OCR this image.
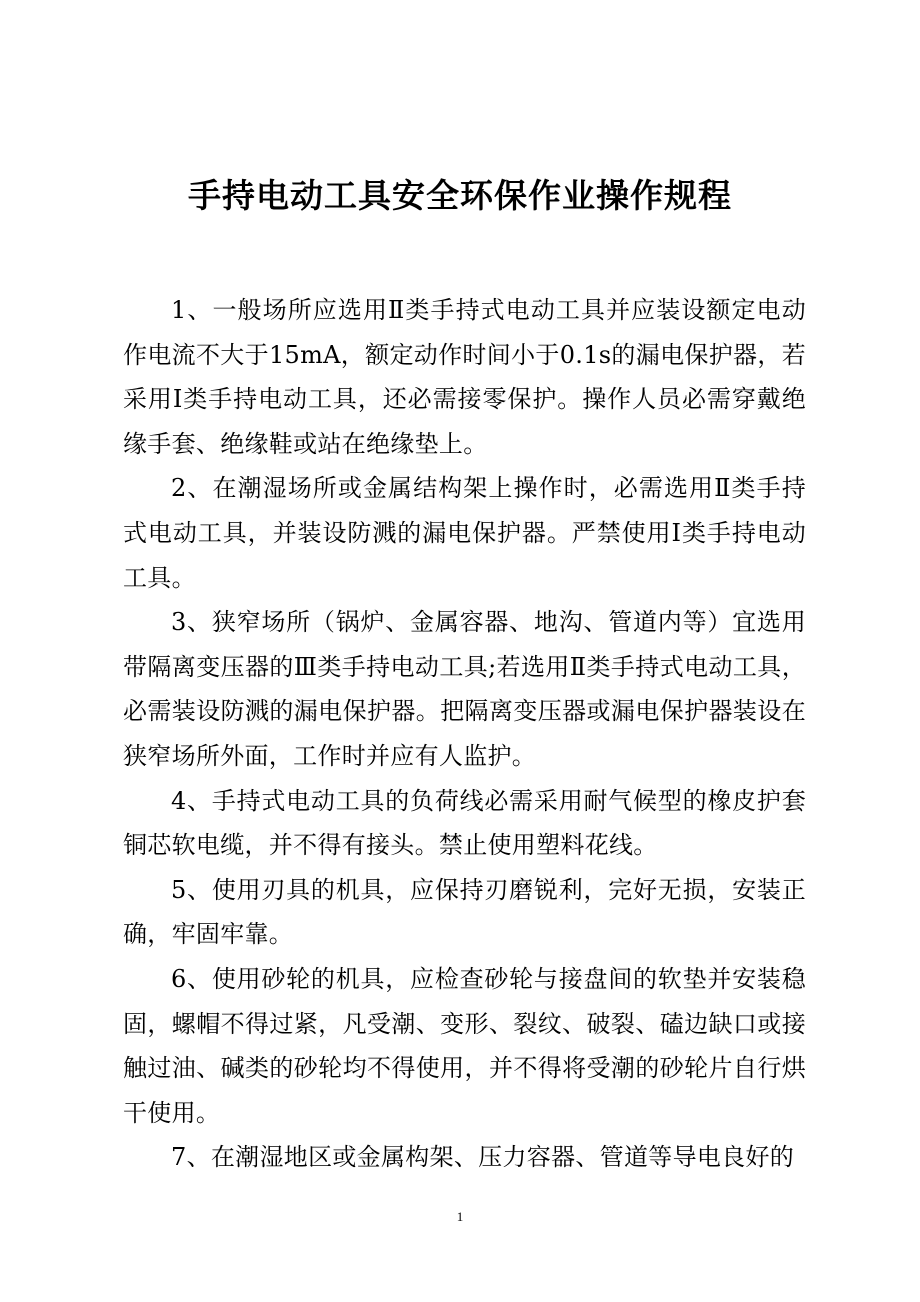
手持电动工具安全环保作业操作规程

1、一般场所应选用Ⅱ类手持式电动工具并应装设额定电动作电流不大于15mA，额定动作时间小于0.1s的漏电保护器，若采用Ⅰ类手持电动工具，还必需接零保护。操作人员必需穿戴绝缘手套、绝缘鞋或站在绝缘垫上。

2、在潮湿场所或金属结构架上操作时，必需选用Ⅱ类手持式电动工具，并装设防溅的漏电保护器。严禁使用Ⅰ类手持电动工具。

3、狭窄场所（锅炉、金属容器、地沟、管道内等）宜选用带隔离变压器的Ⅲ类手持电动工具;若选用Ⅱ类手持式电动工具，必需装设防溅的漏电保护器。把隔离变压器或漏电保护器装设在狭窄场所外面，工作时并应有人监护。

4、手持式电动工具的负荷线必需采用耐气候型的橡皮护套铜芯软电缆，并不得有接头。禁止使用塑料花线。

5、使用刃具的机具，应保持刃磨锐利，完好无损，安装正确，牢固牢靠。

6、使用砂轮的机具，应检查砂轮与接盘间的软垫并安装稳固，螺帽不得过紧，凡受潮、变形、裂纹、破裂、磕边缺口或接触过油、碱类的砂轮均不得使用，并不得将受潮的砂轮片自行烘干使用。

7、在潮湿地区或金属构架、压力容器、管道等导电良好的

1
